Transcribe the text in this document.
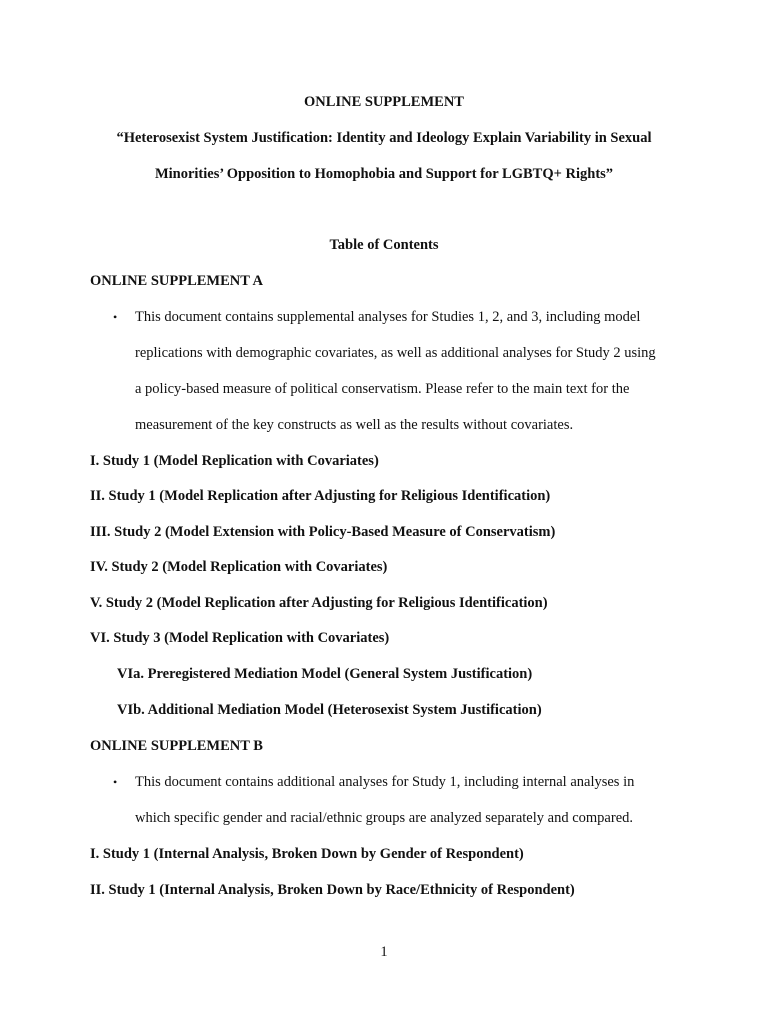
ONLINE SUPPLEMENT
“Heterosexist System Justification: Identity and Ideology Explain Variability in Sexual
Minorities’ Opposition to Homophobia and Support for LGBTQ+ Rights”
Table of Contents
ONLINE SUPPLEMENT A
• This document contains supplemental analyses for Studies 1, 2, and 3, including model
replications with demographic covariates, as well as additional analyses for Study 2 using
a policy-based measure of political conservatism. Please refer to the main text for the
measurement of the key constructs as well as the results without covariates.
I. Study 1 (Model Replication with Covariates)
II. Study 1 (Model Replication after Adjusting for Religious Identification)
III. Study 2 (Model Extension with Policy-Based Measure of Conservatism)
IV. Study 2 (Model Replication with Covariates)
V. Study 2 (Model Replication after Adjusting for Religious Identification)
VI. Study 3 (Model Replication with Covariates)
VIa. Preregistered Mediation Model (General System Justification)
VIb. Additional Mediation Model (Heterosexist System Justification)
ONLINE SUPPLEMENT B
• This document contains additional analyses for Study 1, including internal analyses in
which specific gender and racial/ethnic groups are analyzed separately and compared.
I. Study 1 (Internal Analysis, Broken Down by Gender of Respondent)
II. Study 1 (Internal Analysis, Broken Down by Race/Ethnicity of Respondent)
1
